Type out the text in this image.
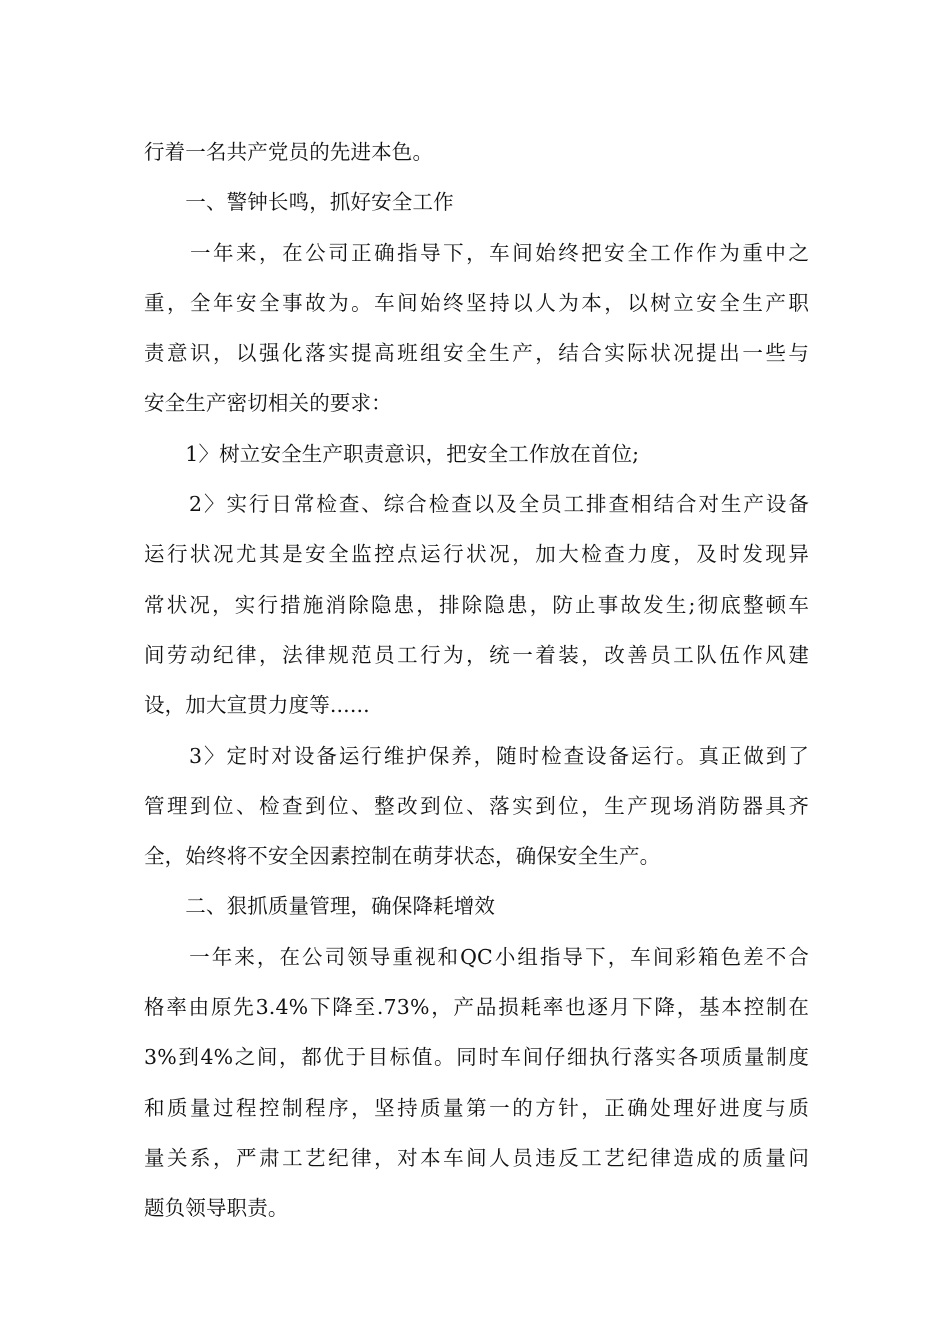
行着一名共产党员的先进本色。
　　一、警钟长鸣，抓好安全工作
　　一年来，在公司正确指导下，车间始终把安全工作作为重中之
重，全年安全事故为。车间始终坚持以人为本，以树立安全生产职
责意识，以强化落实提高班组安全生产，结合实际状况提出一些与
安全生产密切相关的要求：
　　1〉树立安全生产职责意识，把安全工作放在首位;
　　2〉实行日常检查、综合检查以及全员工排查相结合对生产设备
运行状况尤其是安全监控点运行状况，加大检查力度，及时发现异
常状况，实行措施消除隐患，排除隐患，防止事故发生;彻底整顿车
间劳动纪律，法律规范员工行为，统一着装，改善员工队伍作风建
设，加大宣贯力度等......
　　3〉定时对设备运行维护保养，随时检查设备运行。真正做到了
管理到位、检查到位、整改到位、落实到位，生产现场消防器具齐
全，始终将不安全因素控制在萌芽状态，确保安全生产。
　　二、狠抓质量管理，确保降耗增效
　　一年来，在公司领导重视和QC小组指导下，车间彩箱色差不合
格率由原先3.4%下降至.73%，产品损耗率也逐月下降，基本控制在
3%到4%之间，都优于目标值。同时车间仔细执行落实各项质量制度
和质量过程控制程序，坚持质量第一的方针，正确处理好进度与质
量关系，严肃工艺纪律，对本车间人员违反工艺纪律造成的质量问
题负领导职责。
